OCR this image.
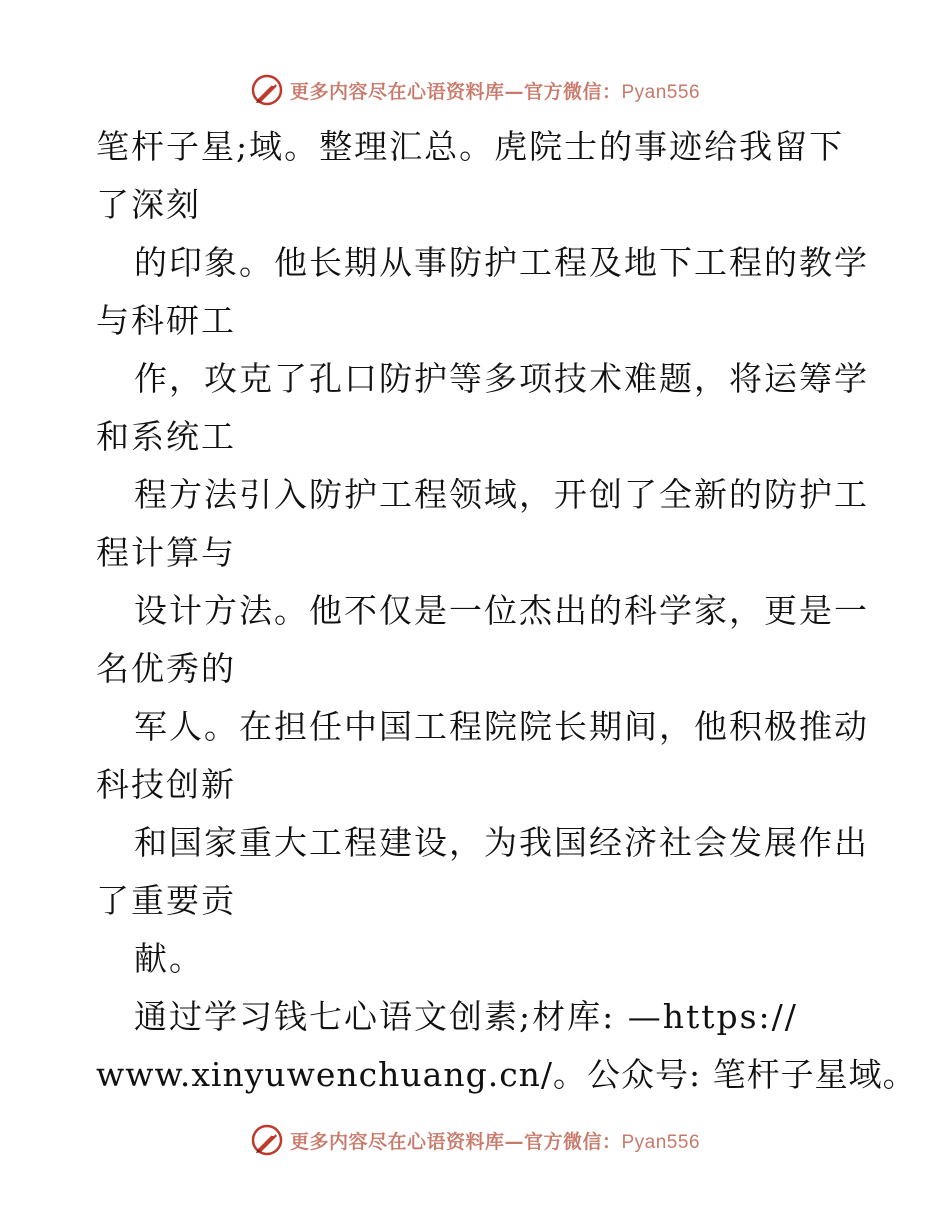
更多内容尽在心语资料库—官方微信：Pyan556
笔杆子星;域。整理汇总。虎院士的事迹给我留下
了深刻
的印象。他长期从事防护工程及地下工程的教学
与科研工
作，攻克了孔口防护等多项技术难题，将运筹学
和系统工
程方法引入防护工程领域，开创了全新的防护工
程计算与
设计方法。他不仅是一位杰出的科学家，更是一
名优秀的
军人。在担任中国工程院院长期间，他积极推动
科技创新
和国家重大工程建设，为我国经济社会发展作出
了重要贡
献。
通过学习钱七心语文创素;材库: —https://
www.xinyuwenchuang.cn/。公众号: 笔杆子星域。
更多内容尽在心语资料库—官方微信：Pyan556
